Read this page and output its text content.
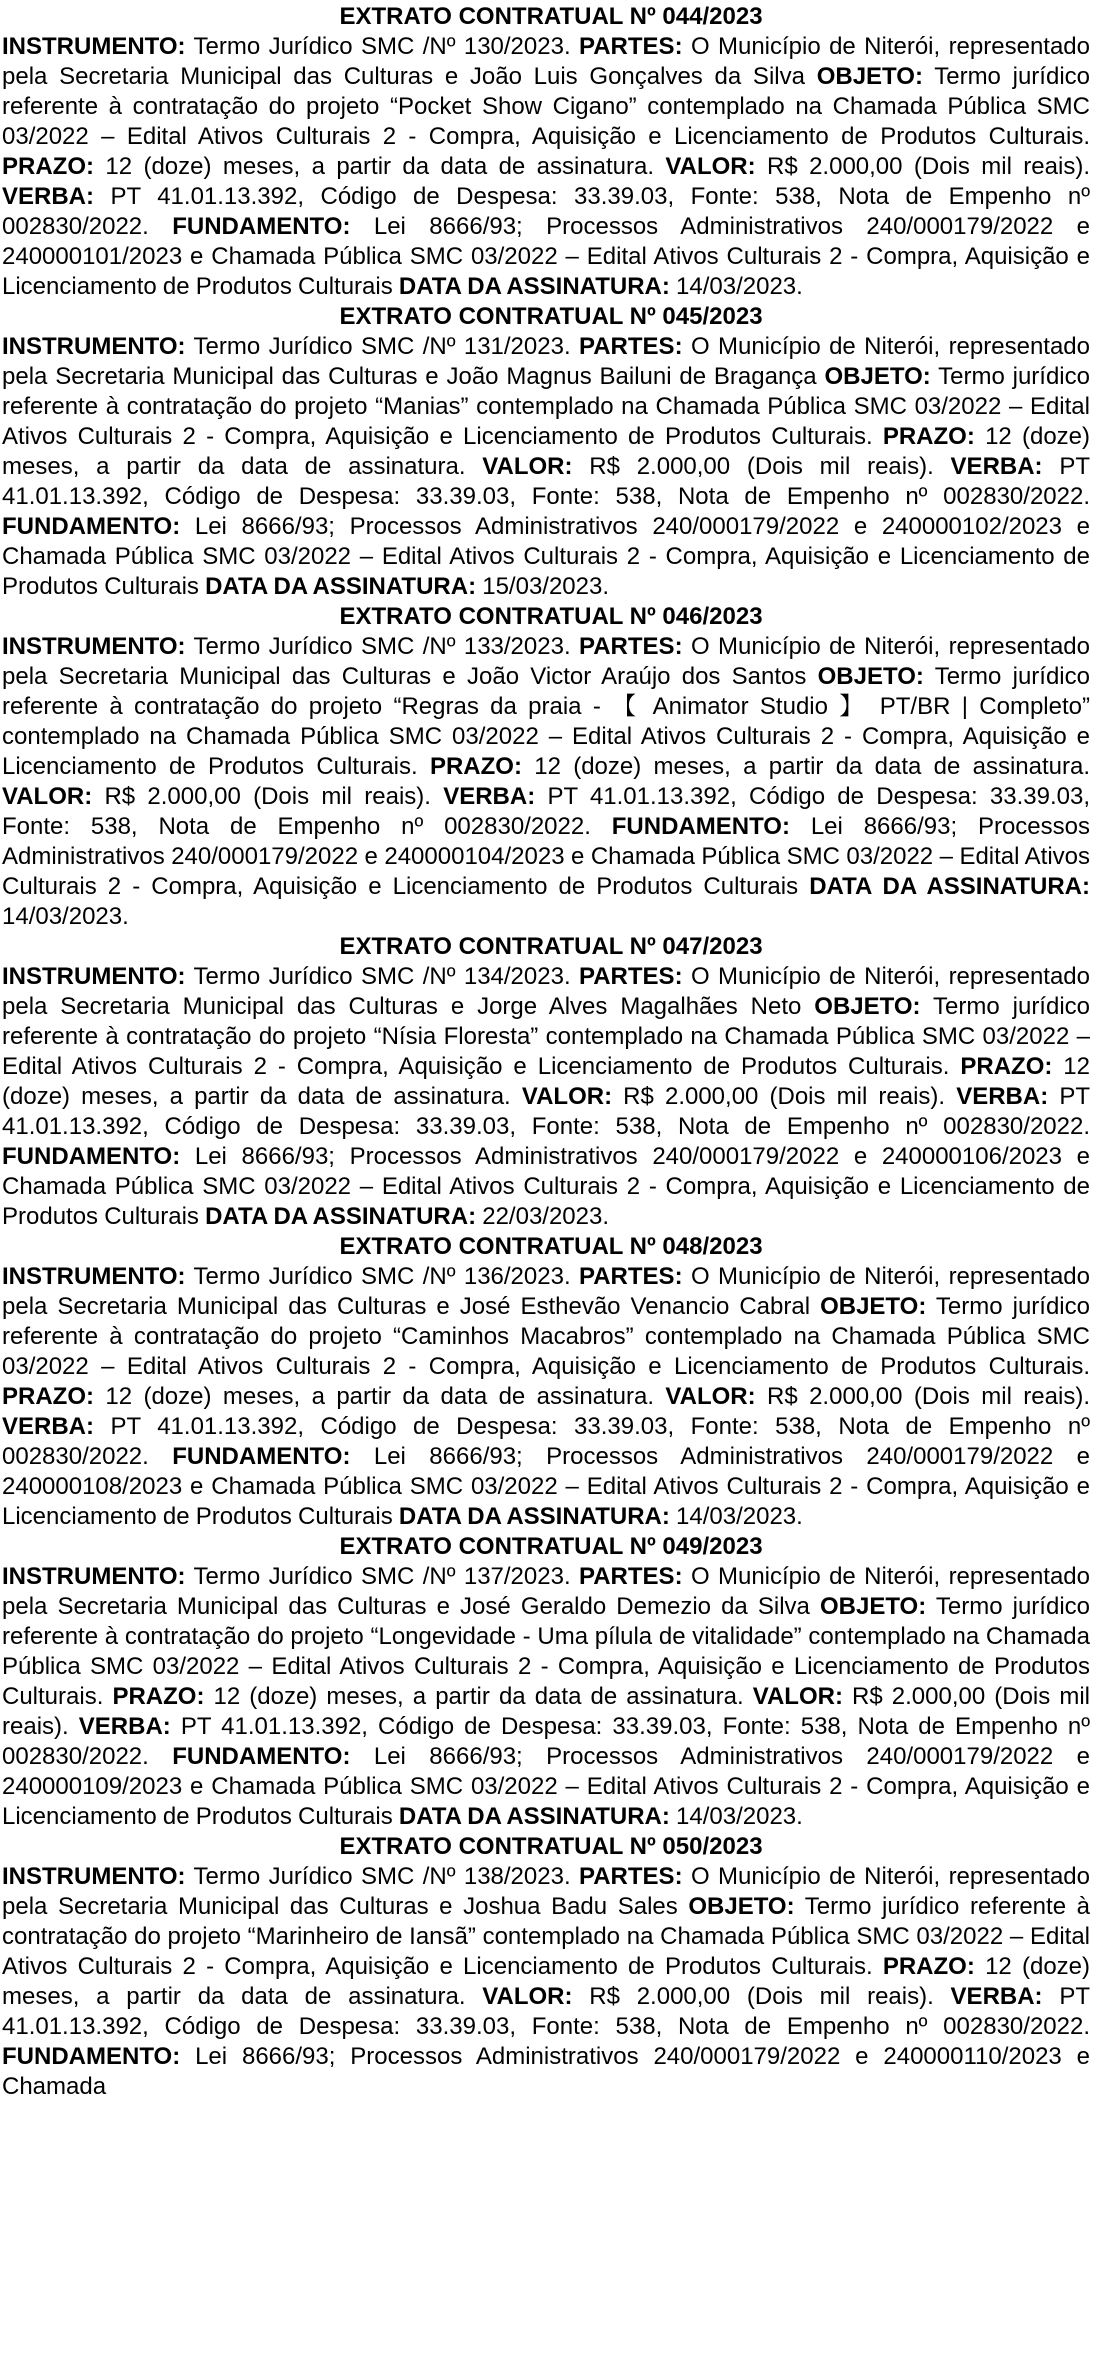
EXTRATO CONTRATUAL Nº 044/2023

INSTRUMENTO: Termo Jurídico SMC /Nº 130/2023. PARTES: O Município de Niterói, representado pela Secretaria Municipal das Culturas e João Luis Gonçalves da Silva OBJETO: Termo jurídico referente à contratação do projeto “Pocket Show Cigano” contemplado na Chamada Pública SMC 03/2022 – Edital Ativos Culturais 2 - Compra, Aquisição e Licenciamento de Produtos Culturais. PRAZO: 12 (doze) meses, a partir da data de assinatura. VALOR: R$ 2.000,00 (Dois mil reais). VERBA: PT 41.01.13.392, Código de Despesa: 33.39.03, Fonte: 538, Nota de Empenho nº 002830/2022. FUNDAMENTO: Lei 8666/93; Processos Administrativos 240/000179/2022 e 240000101/2023 e Chamada Pública SMC 03/2022 – Edital Ativos Culturais 2 - Compra, Aquisição e Licenciamento de Produtos Culturais DATA DA ASSINATURA: 14/03/2023.

EXTRATO CONTRATUAL Nº 045/2023

INSTRUMENTO: Termo Jurídico SMC /Nº 131/2023. PARTES: O Município de Niterói, representado pela Secretaria Municipal das Culturas e João Magnus Bailuni de Bragança OBJETO: Termo jurídico referente à contratação do projeto “Manias” contemplado na Chamada Pública SMC 03/2022 – Edital Ativos Culturais 2 - Compra, Aquisição e Licenciamento de Produtos Culturais. PRAZO: 12 (doze) meses, a partir da data de assinatura. VALOR: R$ 2.000,00 (Dois mil reais). VERBA: PT 41.01.13.392, Código de Despesa: 33.39.03, Fonte: 538, Nota de Empenho nº 002830/2022. FUNDAMENTO: Lei 8666/93; Processos Administrativos 240/000179/2022 e 240000102/2023 e Chamada Pública SMC 03/2022 – Edital Ativos Culturais 2 - Compra, Aquisição e Licenciamento de Produtos Culturais DATA DA ASSINATURA: 15/03/2023.

EXTRATO CONTRATUAL Nº 046/2023

INSTRUMENTO: Termo Jurídico SMC /Nº 133/2023. PARTES: O Município de Niterói, representado pela Secretaria Municipal das Culturas e João Victor Araújo dos Santos OBJETO: Termo jurídico referente à contratação do projeto “Regras da praia - 【 Animator Studio 】 PT/BR | Completo” contemplado na Chamada Pública SMC 03/2022 – Edital Ativos Culturais 2 - Compra, Aquisição e Licenciamento de Produtos Culturais. PRAZO: 12 (doze) meses, a partir da data de assinatura. VALOR: R$ 2.000,00 (Dois mil reais). VERBA: PT 41.01.13.392, Código de Despesa: 33.39.03, Fonte: 538, Nota de Empenho nº 002830/2022. FUNDAMENTO: Lei 8666/93; Processos Administrativos 240/000179/2022 e 240000104/2023 e Chamada Pública SMC 03/2022 – Edital Ativos Culturais 2 - Compra, Aquisição e Licenciamento de Produtos Culturais DATA DA ASSINATURA: 14/03/2023.

EXTRATO CONTRATUAL Nº 047/2023

INSTRUMENTO: Termo Jurídico SMC /Nº 134/2023. PARTES: O Município de Niterói, representado pela Secretaria Municipal das Culturas e Jorge Alves Magalhães Neto OBJETO: Termo jurídico referente à contratação do projeto “Nísia Floresta” contemplado na Chamada Pública SMC 03/2022 – Edital Ativos Culturais 2 - Compra, Aquisição e Licenciamento de Produtos Culturais. PRAZO: 12 (doze) meses, a partir da data de assinatura. VALOR: R$ 2.000,00 (Dois mil reais). VERBA: PT 41.01.13.392, Código de Despesa: 33.39.03, Fonte: 538, Nota de Empenho nº 002830/2022. FUNDAMENTO: Lei 8666/93; Processos Administrativos 240/000179/2022 e 240000106/2023 e Chamada Pública SMC 03/2022 – Edital Ativos Culturais 2 - Compra, Aquisição e Licenciamento de Produtos Culturais DATA DA ASSINATURA: 22/03/2023.

EXTRATO CONTRATUAL Nº 048/2023

INSTRUMENTO: Termo Jurídico SMC /Nº 136/2023. PARTES: O Município de Niterói, representado pela Secretaria Municipal das Culturas e José Esthevão Venancio Cabral OBJETO: Termo jurídico referente à contratação do projeto “Caminhos Macabros” contemplado na Chamada Pública SMC 03/2022 – Edital Ativos Culturais 2 - Compra, Aquisição e Licenciamento de Produtos Culturais. PRAZO: 12 (doze) meses, a partir da data de assinatura. VALOR: R$ 2.000,00 (Dois mil reais). VERBA: PT 41.01.13.392, Código de Despesa: 33.39.03, Fonte: 538, Nota de Empenho nº 002830/2022. FUNDAMENTO: Lei 8666/93; Processos Administrativos 240/000179/2022 e 240000108/2023 e Chamada Pública SMC 03/2022 – Edital Ativos Culturais 2 - Compra, Aquisição e Licenciamento de Produtos Culturais DATA DA ASSINATURA: 14/03/2023.

EXTRATO CONTRATUAL Nº 049/2023

INSTRUMENTO: Termo Jurídico SMC /Nº 137/2023. PARTES: O Município de Niterói, representado pela Secretaria Municipal das Culturas e José Geraldo Demezio da Silva OBJETO: Termo jurídico referente à contratação do projeto “Longevidade - Uma pílula de vitalidade” contemplado na Chamada Pública SMC 03/2022 – Edital Ativos Culturais 2 - Compra, Aquisição e Licenciamento de Produtos Culturais. PRAZO: 12 (doze) meses, a partir da data de assinatura. VALOR: R$ 2.000,00 (Dois mil reais). VERBA: PT 41.01.13.392, Código de Despesa: 33.39.03, Fonte: 538, Nota de Empenho nº 002830/2022. FUNDAMENTO: Lei 8666/93; Processos Administrativos 240/000179/2022 e 240000109/2023 e Chamada Pública SMC 03/2022 – Edital Ativos Culturais 2 - Compra, Aquisição e Licenciamento de Produtos Culturais DATA DA ASSINATURA: 14/03/2023.

EXTRATO CONTRATUAL Nº 050/2023

INSTRUMENTO: Termo Jurídico SMC /Nº 138/2023. PARTES: O Município de Niterói, representado pela Secretaria Municipal das Culturas e Joshua Badu Sales OBJETO: Termo jurídico referente à contratação do projeto “Marinheiro de Iansã” contemplado na Chamada Pública SMC 03/2022 – Edital Ativos Culturais 2 - Compra, Aquisição e Licenciamento de Produtos Culturais. PRAZO: 12 (doze) meses, a partir da data de assinatura. VALOR: R$ 2.000,00 (Dois mil reais). VERBA: PT 41.01.13.392, Código de Despesa: 33.39.03, Fonte: 538, Nota de Empenho nº 002830/2022. FUNDAMENTO: Lei 8666/93; Processos Administrativos 240/000179/2022 e 240000110/2023 e Chamada
